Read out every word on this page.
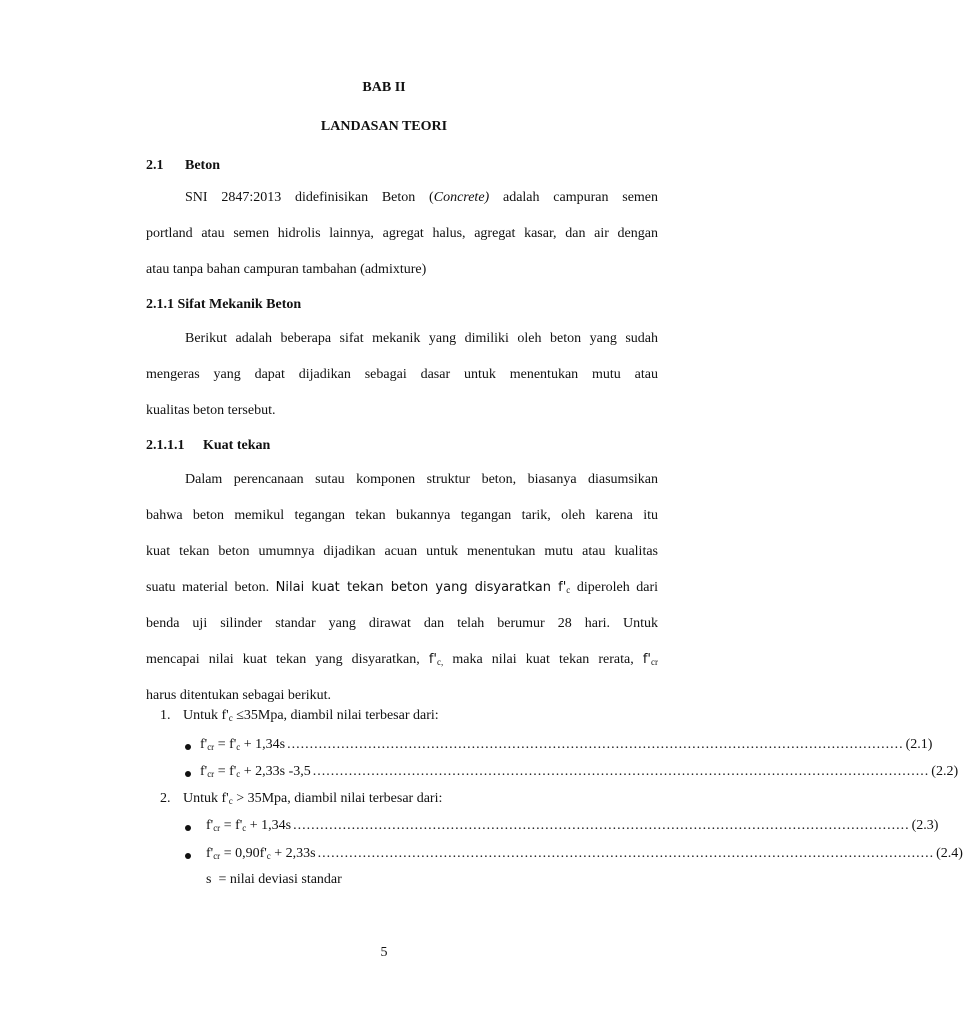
BAB II
LANDASAN TEORI
2.1 Beton
SNI 2847:2013 didefinisikan Beton (Concrete) adalah campuran semen
portland atau semen hidrolis lainnya, agregat halus, agregat kasar, dan air dengan
atau tanpa bahan campuran tambahan (admixture)
2.1.1 Sifat Mekanik Beton
Berikut adalah beberapa sifat mekanik yang dimiliki oleh beton yang sudah
mengeras yang dapat dijadikan sebagai dasar untuk menentukan mutu atau
kualitas beton tersebut.
2.1.1.1 Kuat tekan
Dalam perencanaan sutau komponen struktur beton, biasanya diasumsikan
bahwa beton memikul tegangan tekan bukannya tegangan tarik, oleh karena itu
kuat tekan beton umumnya dijadikan acuan untuk menentukan mutu atau kualitas
suatu material beton. Nilai kuat tekan beton yang disyaratkan $f'_c$ diperoleh dari
benda uji silinder standar yang dirawat dan telah berumur 28 hari. Untuk
mencapai nilai kuat tekan yang disyaratkan, $f'_{c,}$ maka nilai kuat tekan rerata, $f'_{cr}$
harus ditentukan sebagai berikut.
1. Untuk $f'_c \le 35Mpa$, diambil nilai terbesar dari:
$f'_{cr} = f'_c + 1,34s$ ......................................................................................................................................... (2.1)
$f'_{cr} = f'_c + 2,33s$ -3,5 ......................................................................................................................................... (2.2)
2. Untuk $f'_c > 35Mpa$, diambil nilai terbesar dari:
$f'_{cr} = f'_c + 1,34s$ ......................................................................................................................................... (2.3)
$f'_{cr} = 0,90f'_c + 2,33s$ ......................................................................................................................................... (2.4)
s  = nilai deviasi standar
5
